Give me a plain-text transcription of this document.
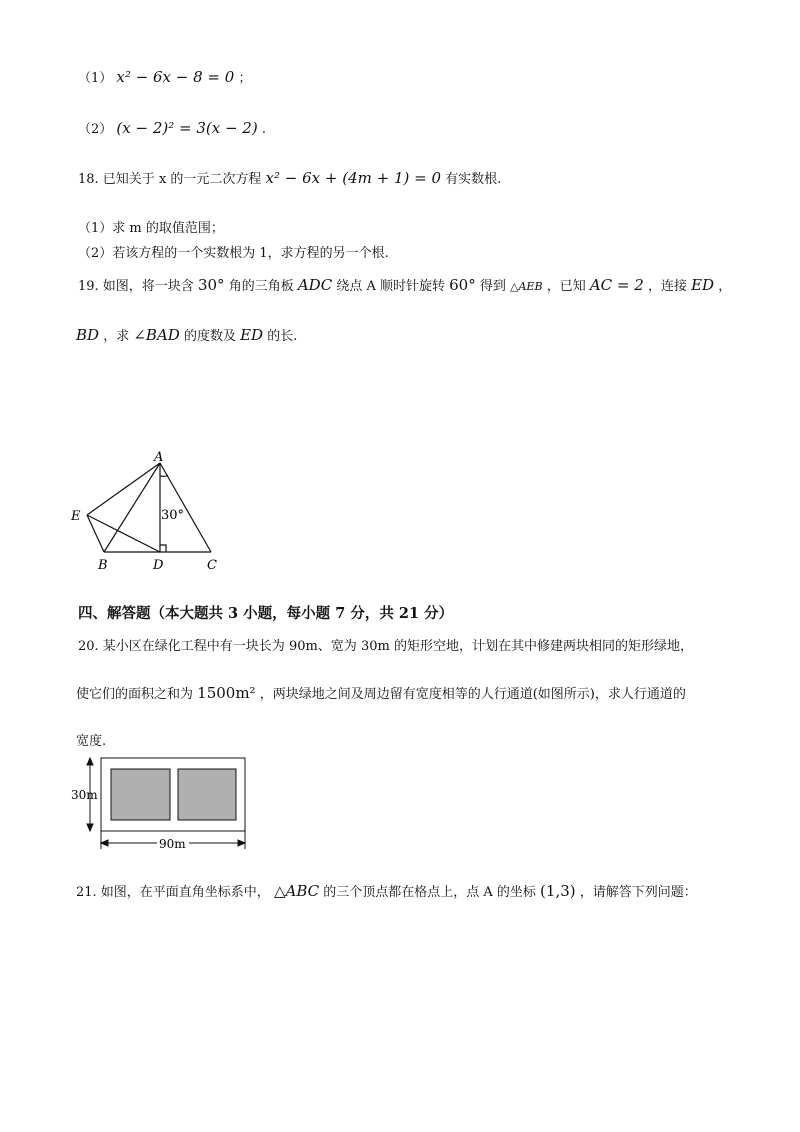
（1） x² − 6x − 8 = 0 ；
（2） (x − 2)² = 3(x − 2) .
18. 已知关于 x 的一元二次方程 x² − 6x + (4m + 1) = 0 有实数根.
（1）求 m 的取值范围；
（2）若该方程的一个实数根为 1，求方程的另一个根.
19. 如图，将一块含 30° 角的三角板 ADC 绕点 A 顺时针旋转 60° 得到 △AEB ，已知 AC = 2 ，连接 ED ，
BD ，求 ∠BAD 的度数及 ED 的长.
A
E
B	D	C
30°
四、解答题（本大题共 3 小题，每小题 7 分，共 21 分）
20. 某小区在绿化工程中有一块长为 90m、宽为 30m 的矩形空地，计划在其中修建两块相同的矩形绿地，
使它们的面积之和为 1500m² ，两块绿地之间及周边留有宽度相等的人行通道(如图所示)，求人行通道的
宽度.
30m
90m
21. 如图，在平面直角坐标系中， △ABC 的三个顶点都在格点上，点 A 的坐标 (1,3) ，请解答下列问题：
